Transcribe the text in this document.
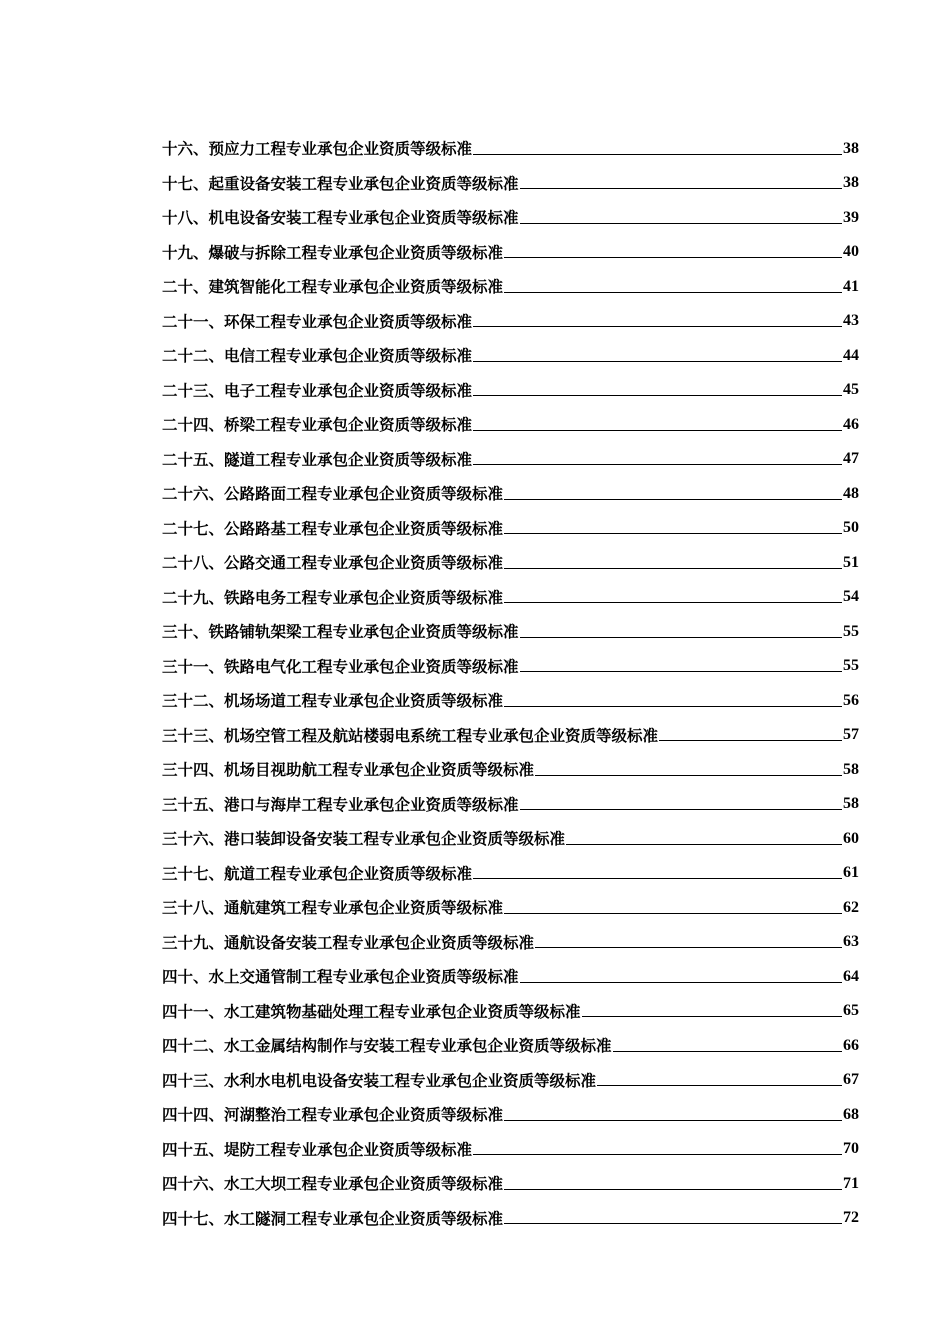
十六、预应力工程专业承包企业资质等级标准	38
十七、起重设备安装工程专业承包企业资质等级标准	38
十八、机电设备安装工程专业承包企业资质等级标准	39
十九、爆破与拆除工程专业承包企业资质等级标准	40
二十、建筑智能化工程专业承包企业资质等级标准	41
二十一、环保工程专业承包企业资质等级标准	43
二十二、电信工程专业承包企业资质等级标准	44
二十三、电子工程专业承包企业资质等级标准	45
二十四、桥梁工程专业承包企业资质等级标准	46
二十五、隧道工程专业承包企业资质等级标准	47
二十六、公路路面工程专业承包企业资质等级标准	48
二十七、公路路基工程专业承包企业资质等级标准	50
二十八、公路交通工程专业承包企业资质等级标准	51
二十九、铁路电务工程专业承包企业资质等级标准	54
三十、铁路铺轨架梁工程专业承包企业资质等级标准	55
三十一、铁路电气化工程专业承包企业资质等级标准	55
三十二、机场场道工程专业承包企业资质等级标准	56
三十三、机场空管工程及航站楼弱电系统工程专业承包企业资质等级标准	57
三十四、机场目视助航工程专业承包企业资质等级标准	58
三十五、港口与海岸工程专业承包企业资质等级标准	58
三十六、港口装卸设备安装工程专业承包企业资质等级标准	60
三十七、航道工程专业承包企业资质等级标准	61
三十八、通航建筑工程专业承包企业资质等级标准	62
三十九、通航设备安装工程专业承包企业资质等级标准	63
四十、水上交通管制工程专业承包企业资质等级标准	64
四十一、水工建筑物基础处理工程专业承包企业资质等级标准	65
四十二、水工金属结构制作与安装工程专业承包企业资质等级标准	66
四十三、水利水电机电设备安装工程专业承包企业资质等级标准	67
四十四、河湖整治工程专业承包企业资质等级标准	68
四十五、堤防工程专业承包企业资质等级标准	70
四十六、水工大坝工程专业承包企业资质等级标准	71
四十七、水工隧洞工程专业承包企业资质等级标准	72
